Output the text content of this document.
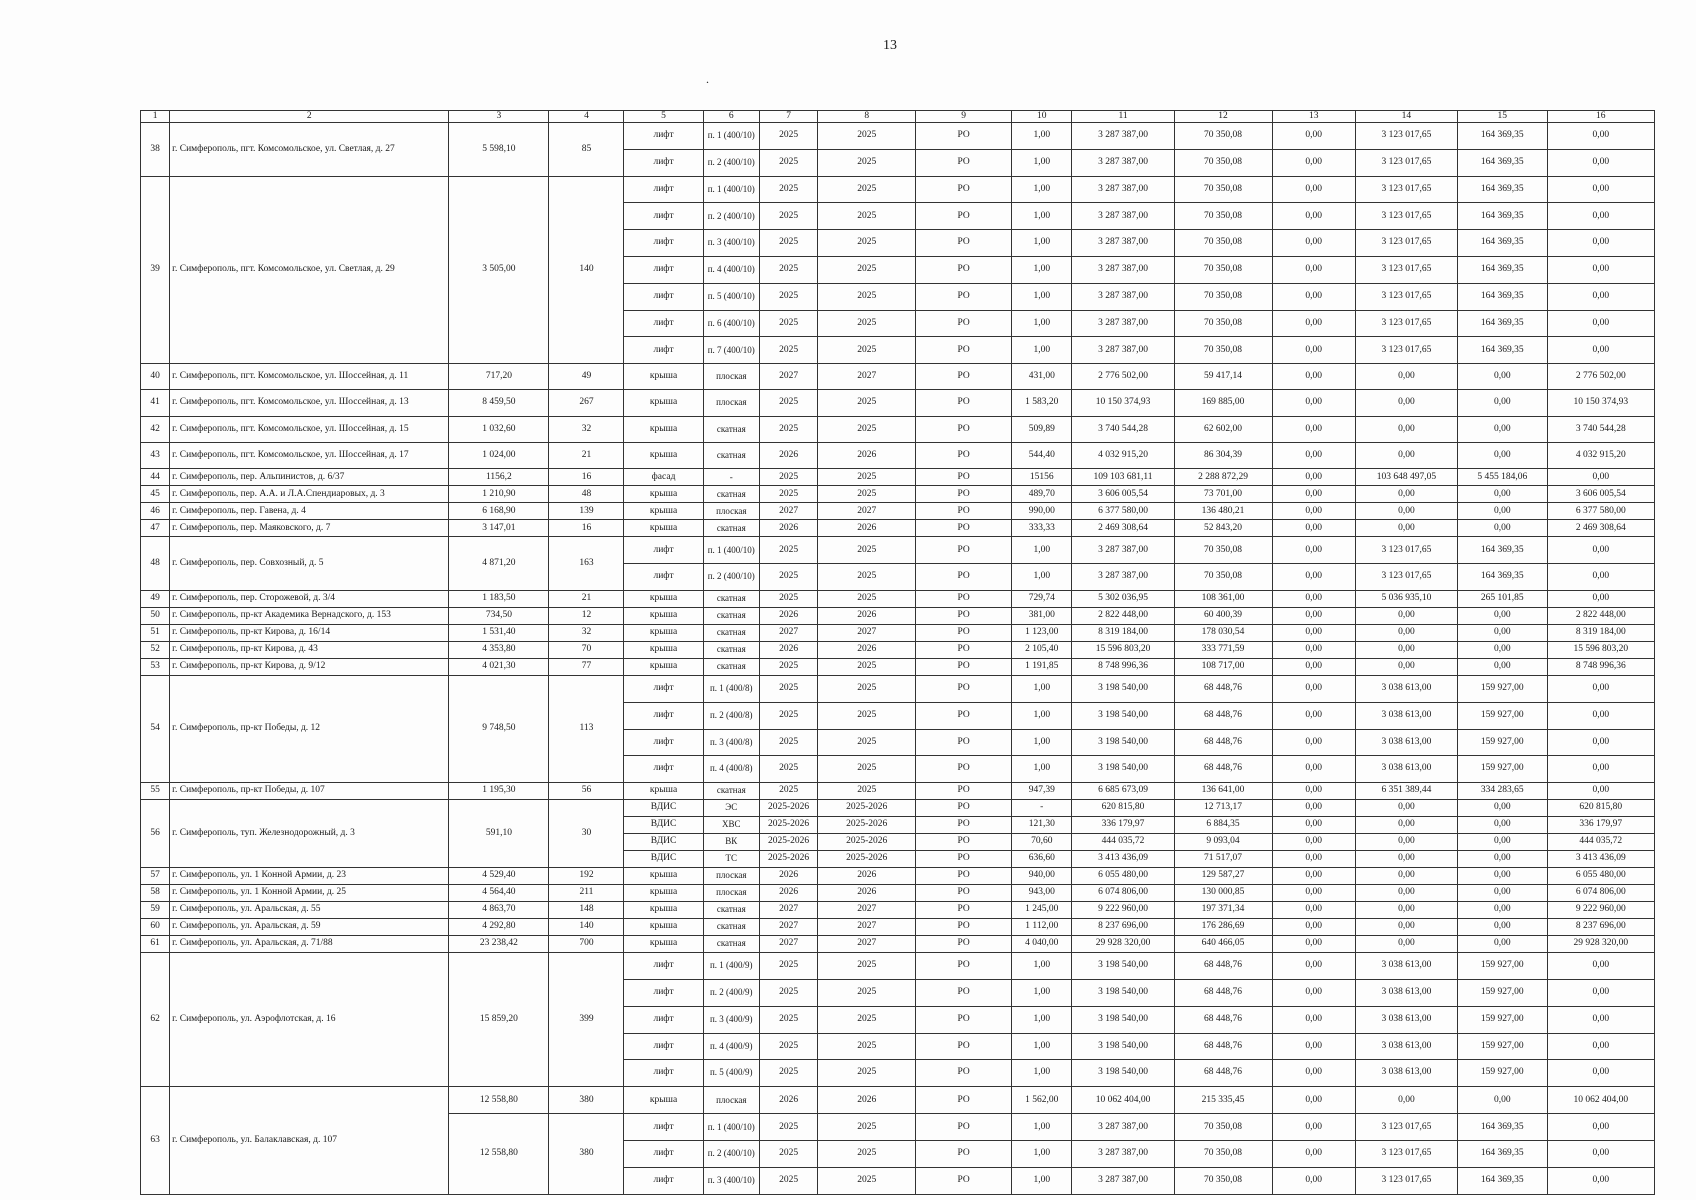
13
.
1	2	3	4	5	6	7	8	9	10	11	12	13	14	15	16
38	г. Симферополь, пгт. Комсомольское, ул. Светлая, д. 27	5 598,10	85	лифт	п. 1 (400/10)	2025	2025	РО	1,00	3 287 387,00	70 350,08	0,00	3 123 017,65	164 369,35	0,00
				лифт	п. 2 (400/10)	2025	2025	РО	1,00	3 287 387,00	70 350,08	0,00	3 123 017,65	164 369,35	0,00
39	г. Симферополь, пгт. Комсомольское, ул. Светлая, д. 29	3 505,00	140	лифт	п. 1 (400/10)	2025	2025	РО	1,00	3 287 387,00	70 350,08	0,00	3 123 017,65	164 369,35	0,00
				лифт	п. 2 (400/10)	2025	2025	РО	1,00	3 287 387,00	70 350,08	0,00	3 123 017,65	164 369,35	0,00
				лифт	п. 3 (400/10)	2025	2025	РО	1,00	3 287 387,00	70 350,08	0,00	3 123 017,65	164 369,35	0,00
				лифт	п. 4 (400/10)	2025	2025	РО	1,00	3 287 387,00	70 350,08	0,00	3 123 017,65	164 369,35	0,00
				лифт	п. 5 (400/10)	2025	2025	РО	1,00	3 287 387,00	70 350,08	0,00	3 123 017,65	164 369,35	0,00
				лифт	п. 6 (400/10)	2025	2025	РО	1,00	3 287 387,00	70 350,08	0,00	3 123 017,65	164 369,35	0,00
				лифт	п. 7 (400/10)	2025	2025	РО	1,00	3 287 387,00	70 350,08	0,00	3 123 017,65	164 369,35	0,00
40	г. Симферополь, пгт. Комсомольское, ул. Шоссейная, д. 11	717,20	49	крыша	плоская	2027	2027	РО	431,00	2 776 502,00	59 417,14	0,00	0,00	0,00	2 776 502,00
41	г. Симферополь, пгт. Комсомольское, ул. Шоссейная, д. 13	8 459,50	267	крыша	плоская	2025	2025	РО	1 583,20	10 150 374,93	169 885,00	0,00	0,00	0,00	10 150 374,93
42	г. Симферополь, пгт. Комсомольское, ул. Шоссейная, д. 15	1 032,60	32	крыша	скатная	2025	2025	РО	509,89	3 740 544,28	62 602,00	0,00	0,00	0,00	3 740 544,28
43	г. Симферополь, пгт. Комсомольское, ул. Шоссейная, д. 17	1 024,00	21	крыша	скатная	2026	2026	РО	544,40	4 032 915,20	86 304,39	0,00	0,00	0,00	4 032 915,20
44	г. Симферополь, пер. Альпинистов, д. 6/37	1156,2	16	фасад	-	2025	2025	РО	15156	109 103 681,11	2 288 872,29	0,00	103 648 497,05	5 455 184,06	0,00
45	г. Симферополь, пер. А.А. и Л.А.Спендиаровых, д. 3	1 210,90	48	крыша	скатная	2025	2025	РО	489,70	3 606 005,54	73 701,00	0,00	0,00	0,00	3 606 005,54
46	г. Симферополь, пер. Гавена, д. 4	6 168,90	139	крыша	плоская	2027	2027	РО	990,00	6 377 580,00	136 480,21	0,00	0,00	0,00	6 377 580,00
47	г. Симферополь, пер. Маяковского, д. 7	3 147,01	16	крыша	скатная	2026	2026	РО	333,33	2 469 308,64	52 843,20	0,00	0,00	0,00	2 469 308,64
48	г. Симферополь, пер. Совхозный, д. 5	4 871,20	163	лифт	п. 1 (400/10)	2025	2025	РО	1,00	3 287 387,00	70 350,08	0,00	3 123 017,65	164 369,35	0,00
				лифт	п. 2 (400/10)	2025	2025	РО	1,00	3 287 387,00	70 350,08	0,00	3 123 017,65	164 369,35	0,00
49	г. Симферополь, пер. Сторожевой, д. 3/4	1 183,50	21	крыша	скатная	2025	2025	РО	729,74	5 302 036,95	108 361,00	0,00	5 036 935,10	265 101,85	0,00
50	г. Симферополь, пр-кт Академика Вернадского, д. 153	734,50	12	крыша	скатная	2026	2026	РО	381,00	2 822 448,00	60 400,39	0,00	0,00	0,00	2 822 448,00
51	г. Симферополь, пр-кт Кирова, д. 16/14	1 531,40	32	крыша	скатная	2027	2027	РО	1 123,00	8 319 184,00	178 030,54	0,00	0,00	0,00	8 319 184,00
52	г. Симферополь, пр-кт Кирова, д. 43	4 353,80	70	крыша	скатная	2026	2026	РО	2 105,40	15 596 803,20	333 771,59	0,00	0,00	0,00	15 596 803,20
53	г. Симферополь, пр-кт Кирова, д. 9/12	4 021,30	77	крыша	скатная	2025	2025	РО	1 191,85	8 748 996,36	108 717,00	0,00	0,00	0,00	8 748 996,36
54	г. Симферополь, пр-кт Победы, д. 12	9 748,50	113	лифт	п. 1 (400/8)	2025	2025	РО	1,00	3 198 540,00	68 448,76	0,00	3 038 613,00	159 927,00	0,00
				лифт	п. 2 (400/8)	2025	2025	РО	1,00	3 198 540,00	68 448,76	0,00	3 038 613,00	159 927,00	0,00
				лифт	п. 3 (400/8)	2025	2025	РО	1,00	3 198 540,00	68 448,76	0,00	3 038 613,00	159 927,00	0,00
				лифт	п. 4 (400/8)	2025	2025	РО	1,00	3 198 540,00	68 448,76	0,00	3 038 613,00	159 927,00	0,00
55	г. Симферополь, пр-кт Победы, д. 107	1 195,30	56	крыша	скатная	2025	2025	РО	947,39	6 685 673,09	136 641,00	0,00	6 351 389,44	334 283,65	0,00
56	г. Симферополь, туп. Железнодорожный, д. 3	591,10	30	ВДИС	ЭС	2025-2026	2025-2026	РО	-	620 815,80	12 713,17	0,00	0,00	0,00	620 815,80
				ВДИС	ХВС	2025-2026	2025-2026	РО	121,30	336 179,97	6 884,35	0,00	0,00	0,00	336 179,97
				ВДИС	ВК	2025-2026	2025-2026	РО	70,60	444 035,72	9 093,04	0,00	0,00	0,00	444 035,72
				ВДИС	ТС	2025-2026	2025-2026	РО	636,60	3 413 436,09	71 517,07	0,00	0,00	0,00	3 413 436,09
57	г. Симферополь, ул. 1 Конной Армии, д. 23	4 529,40	192	крыша	плоская	2026	2026	РО	940,00	6 055 480,00	129 587,27	0,00	0,00	0,00	6 055 480,00
58	г. Симферополь, ул. 1 Конной Армии, д. 25	4 564,40	211	крыша	плоская	2026	2026	РО	943,00	6 074 806,00	130 000,85	0,00	0,00	0,00	6 074 806,00
59	г. Симферополь, ул. Аральская, д. 55	4 863,70	148	крыша	скатная	2027	2027	РО	1 245,00	9 222 960,00	197 371,34	0,00	0,00	0,00	9 222 960,00
60	г. Симферополь, ул. Аральская, д. 59	4 292,80	140	крыша	скатная	2027	2027	РО	1 112,00	8 237 696,00	176 286,69	0,00	0,00	0,00	8 237 696,00
61	г. Симферополь, ул. Аральская, д. 71/88	23 238,42	700	крыша	скатная	2027	2027	РО	4 040,00	29 928 320,00	640 466,05	0,00	0,00	0,00	29 928 320,00
62	г. Симферополь, ул. Аэрофлотская, д. 16	15 859,20	399	лифт	п. 1 (400/9)	2025	2025	РО	1,00	3 198 540,00	68 448,76	0,00	3 038 613,00	159 927,00	0,00
				лифт	п. 2 (400/9)	2025	2025	РО	1,00	3 198 540,00	68 448,76	0,00	3 038 613,00	159 927,00	0,00
				лифт	п. 3 (400/9)	2025	2025	РО	1,00	3 198 540,00	68 448,76	0,00	3 038 613,00	159 927,00	0,00
				лифт	п. 4 (400/9)	2025	2025	РО	1,00	3 198 540,00	68 448,76	0,00	3 038 613,00	159 927,00	0,00
				лифт	п. 5 (400/9)	2025	2025	РО	1,00	3 198 540,00	68 448,76	0,00	3 038 613,00	159 927,00	0,00
63	г. Симферополь, ул. Балаклавская, д. 107	12 558,80	380	крыша	плоская	2026	2026	РО	1 562,00	10 062 404,00	215 335,45	0,00	0,00	0,00	10 062 404,00
		12 558,80	380	лифт	п. 1 (400/10)	2025	2025	РО	1,00	3 287 387,00	70 350,08	0,00	3 123 017,65	164 369,35	0,00
				лифт	п. 2 (400/10)	2025	2025	РО	1,00	3 287 387,00	70 350,08	0,00	3 123 017,65	164 369,35	0,00
				лифт	п. 3 (400/10)	2025	2025	РО	1,00	3 287 387,00	70 350,08	0,00	3 123 017,65	164 369,35	0,00
